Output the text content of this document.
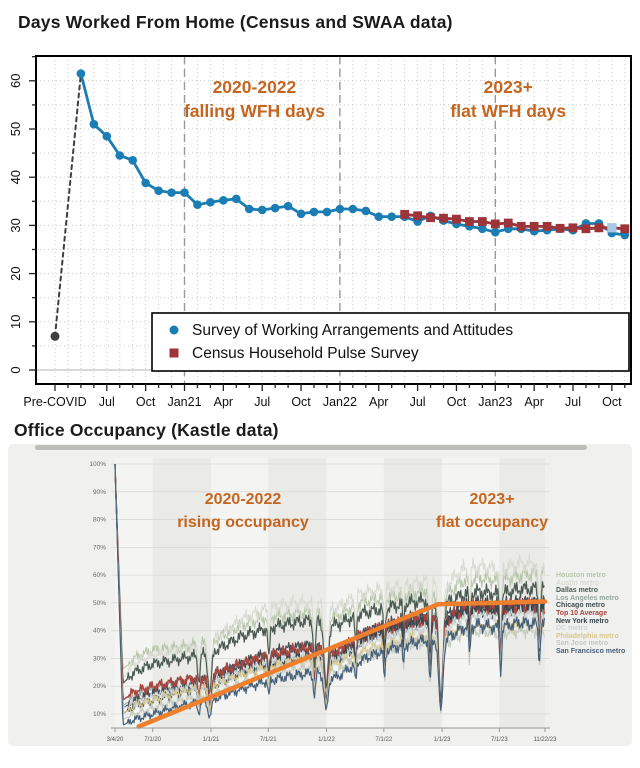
Days Worked From Home (Census and SWAA data)
2020-2022
falling WFH days
2023+
flat WFH days
Pre-COVID Jul Oct Jan21 Apr Jul Oct Jan22 Apr Jul Oct Jan23 Apr Jul Oct
0
10
20
30
40
50
60
Survey of Working Arrangements and Attitudes
Census Household Pulse Survey
Office Occupancy (Kastle data)
100%
90%
80%
70%
60%
50%
40%
30%
20%
10%
3/4/20	7/1/20	1/1/21	7/1/21	1/1/22	7/1/22	1/1/23	7/1/23	11/22/23
2020-2022
rising occupancy
2023+
flat occupancy
Houston metro
Austin metro
Dallas metro
Los Angeles metro
Chicago metro
Top 10 Average
New York metro
DC metro
Philadelphia metro
San Jose metro
San Francisco metro
